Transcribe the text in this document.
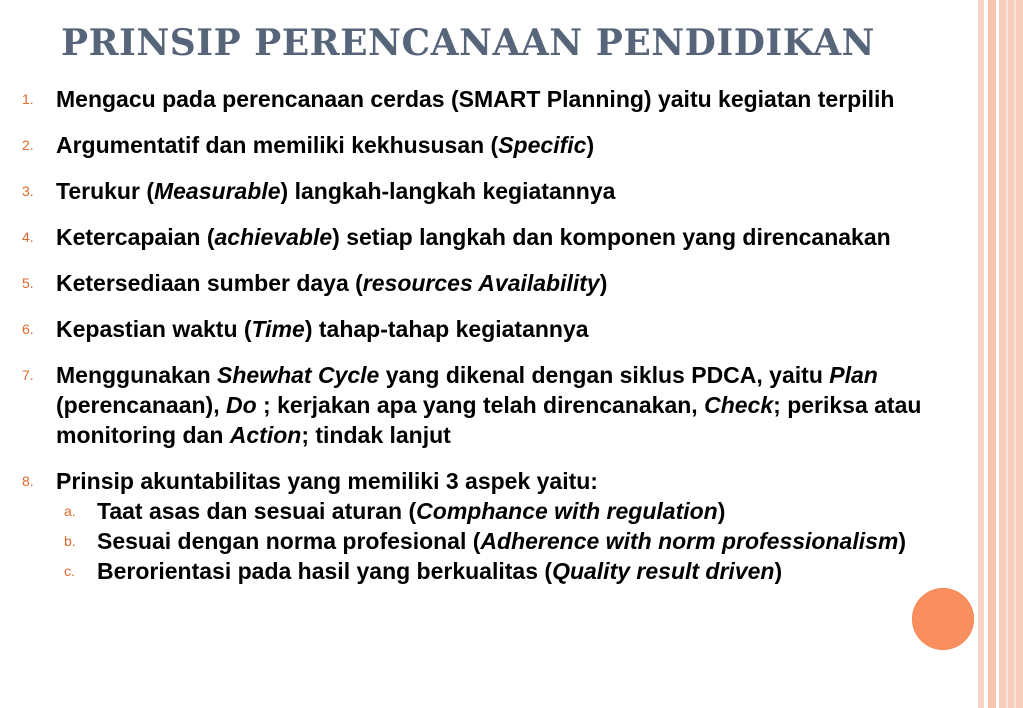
PRINSIP PERENCANAAN PENDIDIKAN
1. Mengacu pada perencanaan cerdas (SMART Planning) yaitu kegiatan terpilih
2. Argumentatif dan memiliki kekhususan (Specific)
3. Terukur (Measurable) langkah-langkah kegiatannya
4. Ketercapaian (achievable) setiap langkah dan komponen yang direncanakan
5. Ketersediaan sumber daya (resources Availability)
6. Kepastian waktu (Time) tahap-tahap kegiatannya
7. Menggunakan Shewhat Cycle yang dikenal dengan siklus PDCA, yaitu Plan (perencanaan), Do ; kerjakan apa yang telah direncanakan, Check; periksa atau monitoring dan Action; tindak lanjut
8. Prinsip akuntabilitas yang memiliki 3 aspek yaitu:
a. Taat asas dan sesuai aturan (Comphance with regulation)
b. Sesuai dengan norma profesional (Adherence with norm professionalism)
c. Berorientasi pada hasil yang berkualitas (Quality result driven)
